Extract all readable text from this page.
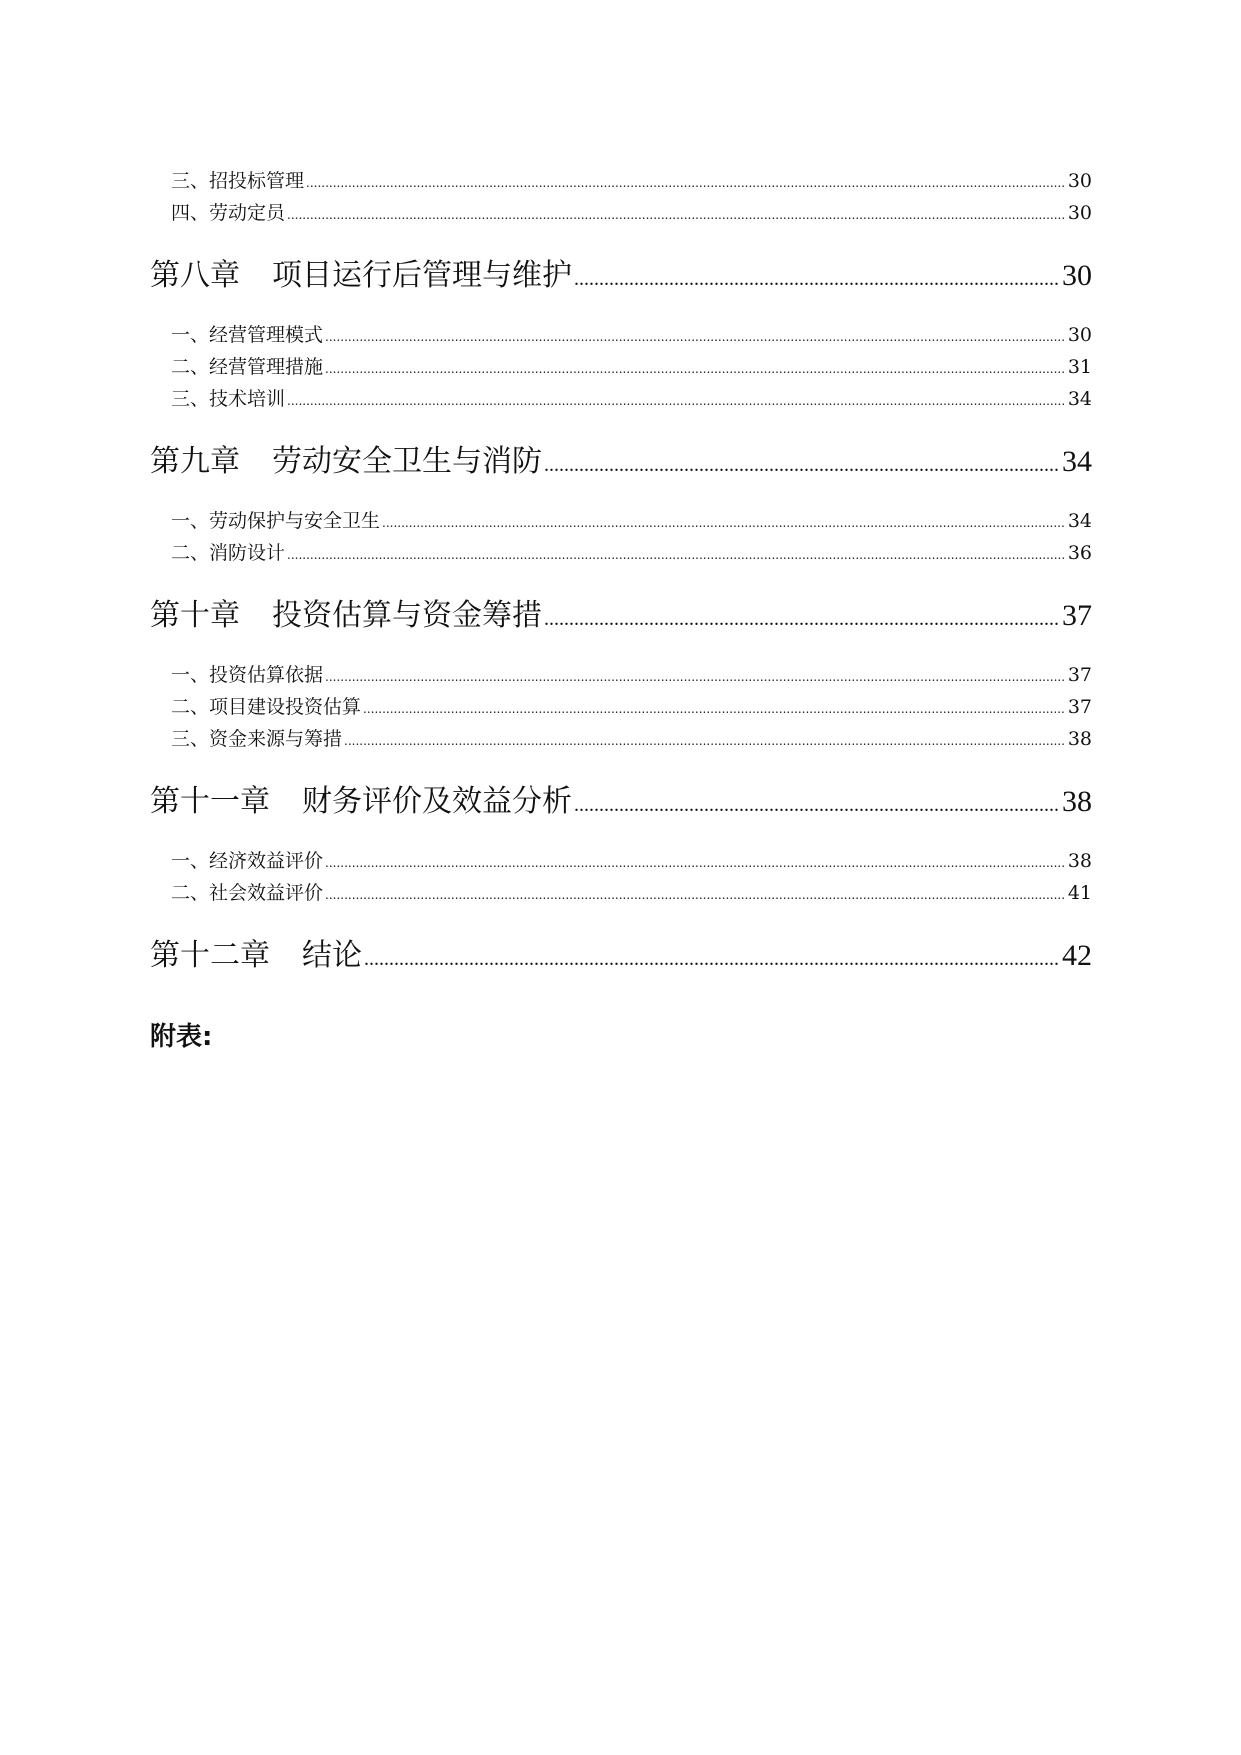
三、招投标管理 .....	30
四、劳动定员 .....	30
第八章 项目运行后管理与维护 .....	30
一、经营管理模式 .....	30
二、经营管理措施 .....	31
三、技术培训 .....	34
第九章 劳动安全卫生与消防 .....	34
一、劳动保护与安全卫生 .....	34
二、消防设计 .....	36
第十章 投资估算与资金筹措 .....	37
一、投资估算依据 .....	37
二、项目建设投资估算 .....	37
三、资金来源与筹措 .....	38
第十一章 财务评价及效益分析 .....	38
一、经济效益评价 .....	38
二、社会效益评价 .....	41
第十二章 结论 .....	42
附表:
